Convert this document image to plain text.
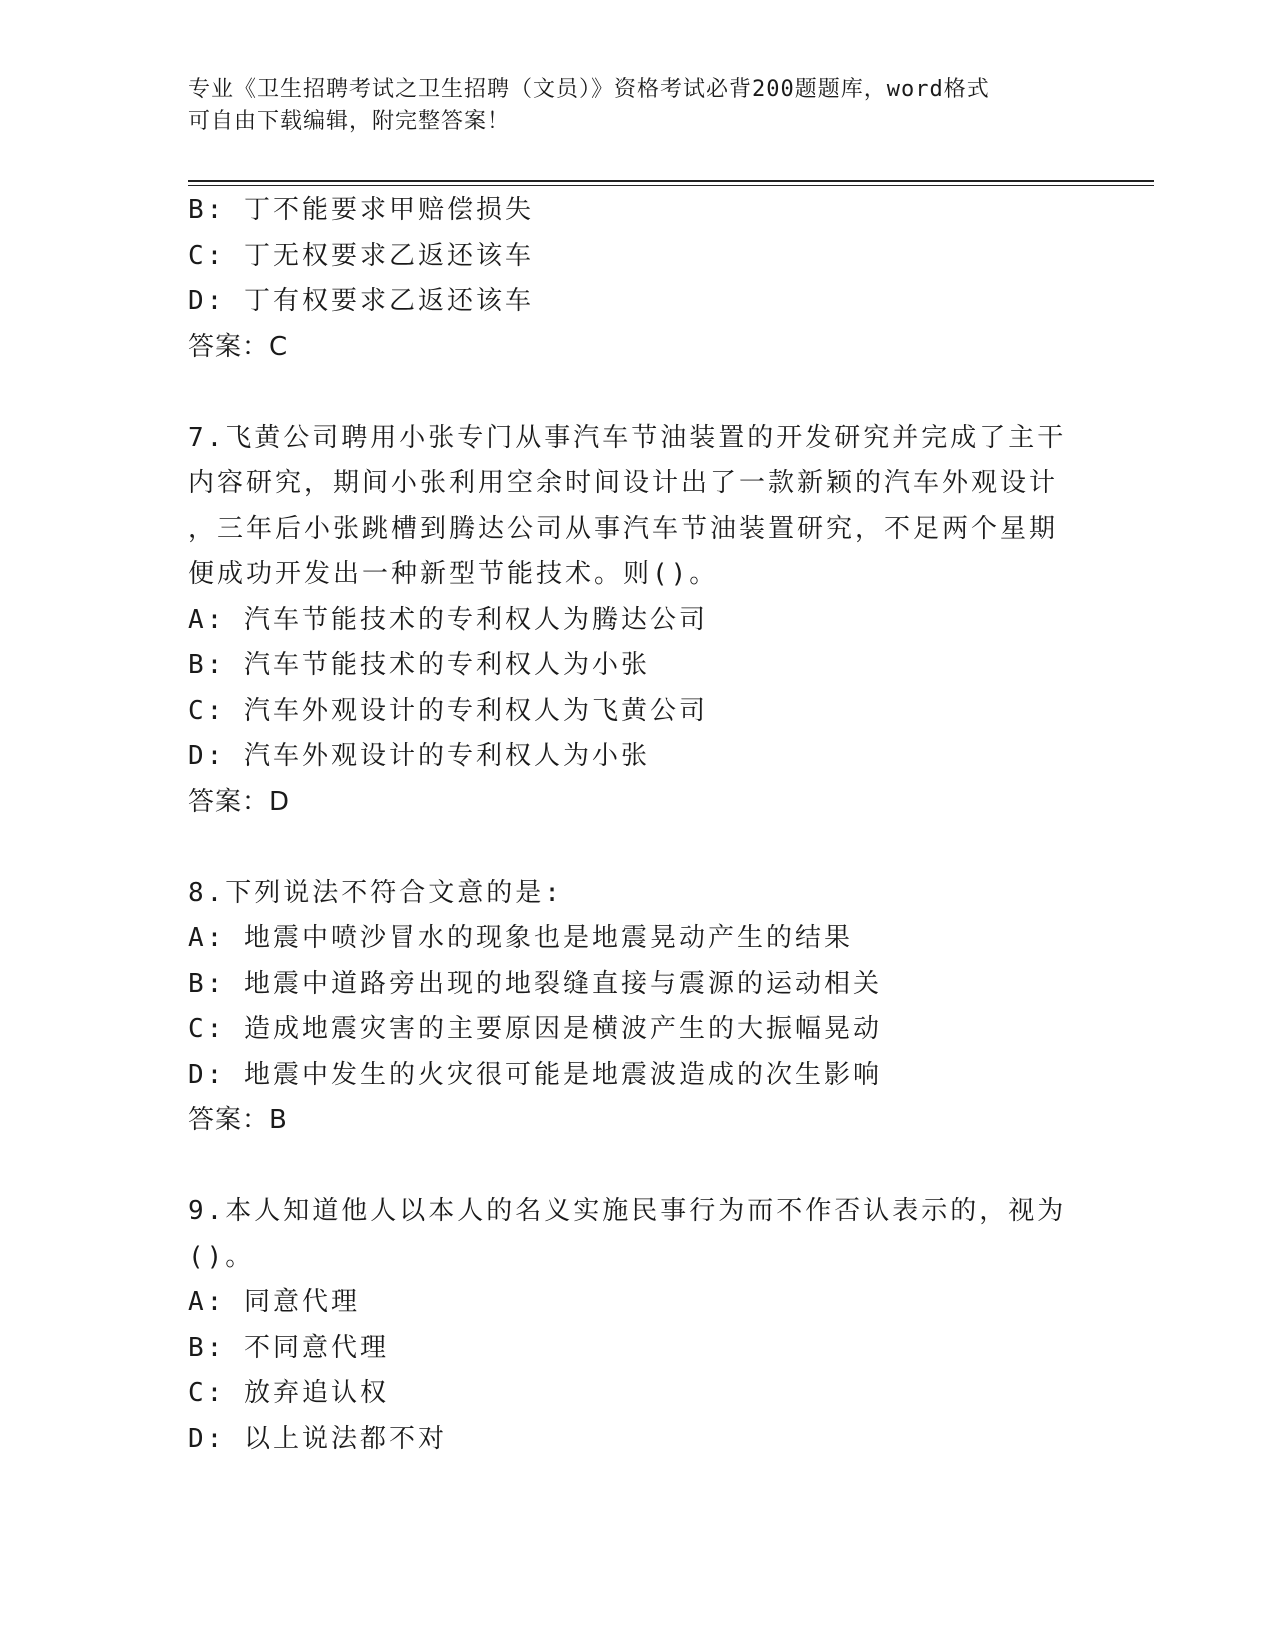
专业《卫生招聘考试之卫生招聘（文员）》资格考试必背200题题库，word格式
可自由下载编辑，附完整答案！
B: 丁不能要求甲赔偿损失
C: 丁无权要求乙返还该车
D: 丁有权要求乙返还该车
答案：C
7.飞黄公司聘用小张专门从事汽车节油装置的开发研究并完成了主干
内容研究，期间小张利用空余时间设计出了一款新颖的汽车外观设计
，三年后小张跳槽到腾达公司从事汽车节油装置研究，不足两个星期
便成功开发出一种新型节能技术。则()。
A: 汽车节能技术的专利权人为腾达公司
B: 汽车节能技术的专利权人为小张
C: 汽车外观设计的专利权人为飞黄公司
D: 汽车外观设计的专利权人为小张
答案：D
8.下列说法不符合文意的是:
A: 地震中喷沙冒水的现象也是地震晃动产生的结果
B: 地震中道路旁出现的地裂缝直接与震源的运动相关
C: 造成地震灾害的主要原因是横波产生的大振幅晃动
D: 地震中发生的火灾很可能是地震波造成的次生影响
答案：B
9.本人知道他人以本人的名义实施民事行为而不作否认表示的，视为
()。
A: 同意代理
B: 不同意代理
C: 放弃追认权
D: 以上说法都不对
